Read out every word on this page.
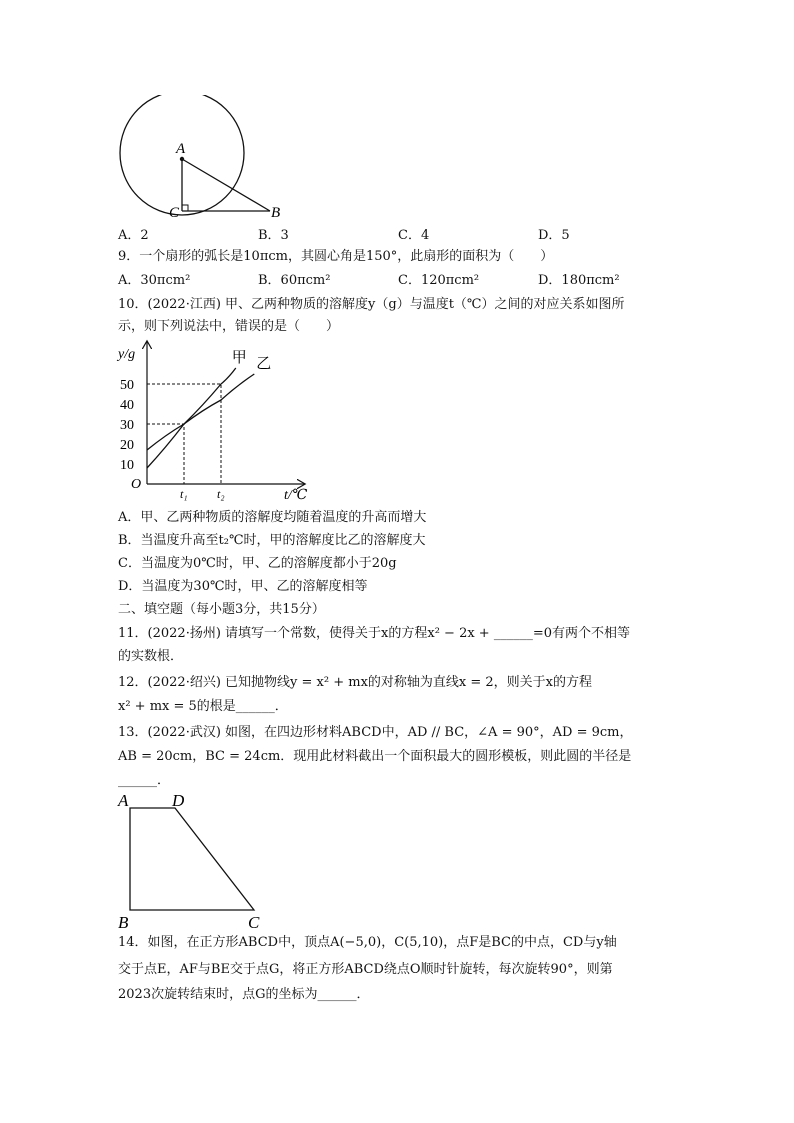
A
C	B
A．2	B．3	C．4	D．5
9．一个扇形的弧长是10πcm，其圆心角是150°，此扇形的面积为（　　）
A．30πcm²	B．60πcm²	C．120πcm²	D．180πcm²
10．(2022·江西) 甲、乙两种物质的溶解度y（g）与温度t（℃）之间的对应关系如图所
示，则下列说法中，错误的是（　　）
y/g
t/℃
O
10
20
30
40
50
t₁ t₂
甲 乙
A．甲、乙两种物质的溶解度均随着温度的升高而增大
B．当温度升高至t₂℃时，甲的溶解度比乙的溶解度大
C．当温度为0℃时，甲、乙的溶解度都小于20g
D．当温度为30℃时，甲、乙的溶解度相等
二、填空题（每小题3分，共15分）
11．(2022·扬州) 请填写一个常数，使得关于x的方程x² − 2x + ______=0有两个不相等
的实数根．
12．(2022·绍兴) 已知抛物线y = x² + mx的对称轴为直线x = 2，则关于x的方程
x² + mx = 5的根是______．
13．(2022·武汉) 如图，在四边形材料ABCD中，AD // BC，∠A = 90°，AD = 9cm，
AB = 20cm，BC = 24cm．现用此材料截出一个面积最大的圆形模板，则此圆的半径是
______．
A	D
B	C
14．如图，在正方形ABCD中，顶点A(−5,0)，C(5,10)，点F是BC的中点，CD与y轴
交于点E，AF与BE交于点G，将正方形ABCD绕点O顺时针旋转，每次旋转90°，则第
2023次旋转结束时，点G的坐标为______．
